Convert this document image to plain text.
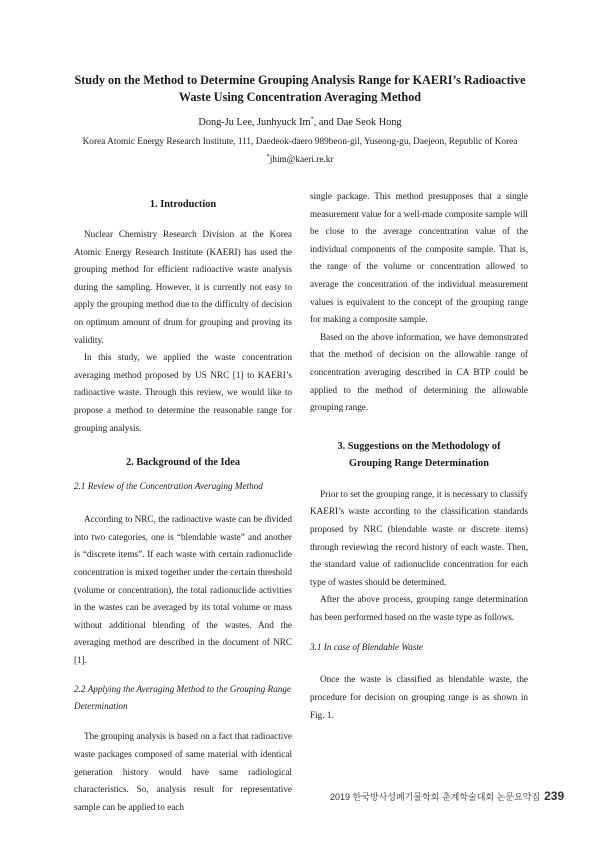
Study on the Method to Determine Grouping Analysis Range for KAERI’s Radioactive
Waste Using Concentration Averaging Method
Dong-Ju Lee, Junhyuck Im*, and Dae Seok Hong
Korea Atomic Energy Research Institute, 111, Daedeok-daero 989beon-gil, Yuseong-gu, Daejeon, Republic of Korea
*jhim@kaeri.re.kr
1. Introduction

Nuclear Chemistry Research Division at the Korea Atomic Energy Research Institute (KAERI) has used the grouping method for efficient radioactive waste analysis during the sampling. However, it is currently not easy to apply the grouping method due to the difficulty of decision on optimum amount of drum for grouping and proving its validity.

In this study, we applied the waste concentration averaging method proposed by US NRC [1] to KAERI’s radioactive waste. Through this review, we would like to propose a method to determine the reasonable range for grouping analysis.

2. Background of the Idea
2.1 Review of the Concentration Averaging Method

According to NRC, the radioactive waste can be divided into two categories, one is “blendable waste” and another is “discrete items”. If each waste with certain radionuclide concentration is mixed together under the certain threshold (volume or concentration), the total radionuclide activities in the wastes can be averaged by its total volume or mass without additional blending of the wastes. And the averaging method are described in the document of NRC [1].

2.2 Applying the Averaging Method to the Grouping Range Determination

The grouping analysis is based on a fact that radioactive waste packages composed of same material with identical generation history would have same radiological characteristics. So, analysis result for representative sample can be applied to each

single package. This method presupposes that a single measurement value for a well-made composite sample will be close to the average concentration value of the individual components of the composite sample. That is, the range of the volume or concentration allowed to average the concentration of the individual measurement values is equivalent to the concept of the grouping range for making a composite sample.

Based on the above information, we have demonstrated that the method of decision on the allowable range of concentration averaging described in CA BTP could be applied to the method of determining the allowable grouping range.

3. Suggestions on the Methodology of
Grouping Range Determination

Prior to set the grouping range, it is necessary to classify KAERI’s waste according to the classification standards proposed by NRC (blendable waste or discrete items) through reviewing the record history of each waste. Then, the standard value of radionuclide concentration for each type of wastes should be determined.

After the above process, grouping range determination has been performed based on the waste type as follows.

3.1 In case of Blendable Waste

Once the waste is classified as blendable waste, the procedure for decision on grouping range is as shown in Fig. 1.

2019 한국방사성폐기물학회 춘계학술대회 논문요약집 239
